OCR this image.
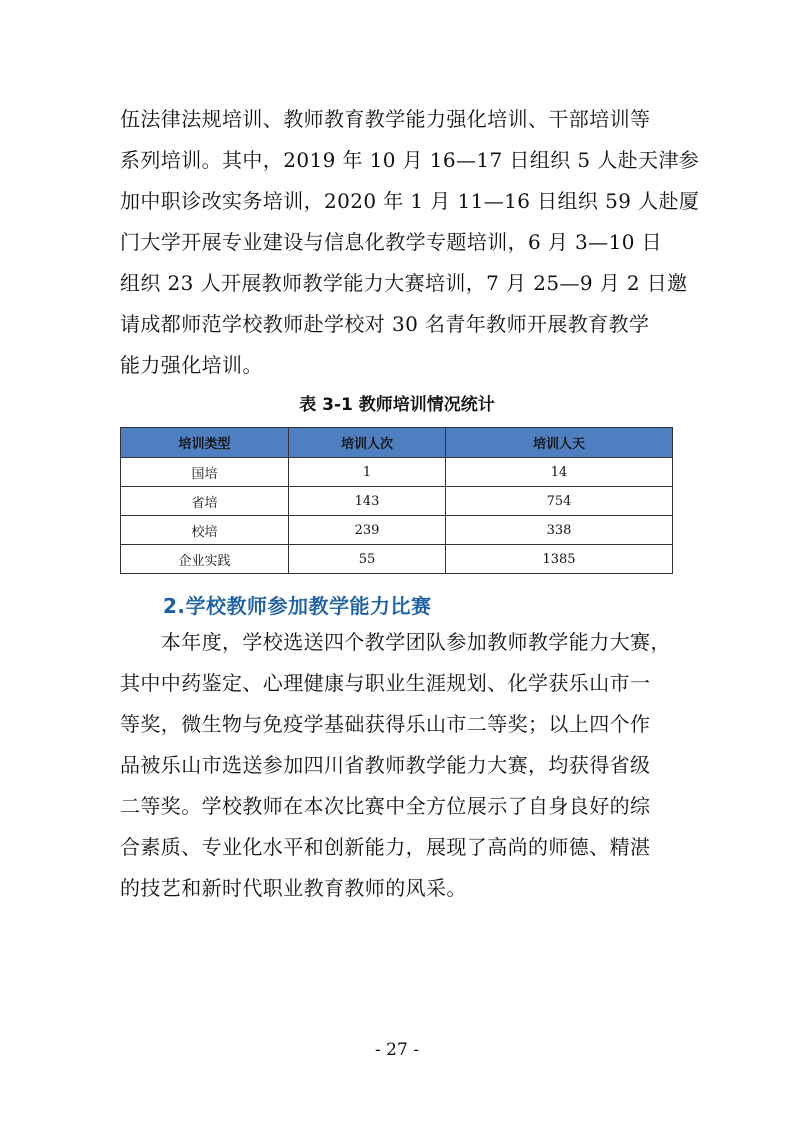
伍法律法规培训、教师教育教学能力强化培训、干部培训等
系列培训。其中，2019 年 10 月 16—17 日组织 5 人赴天津参
加中职诊改实务培训，2020 年 1 月 11—16 日组织 59 人赴厦
门大学开展专业建设与信息化教学专题培训，6 月 3—10 日
组织 23 人开展教师教学能力大赛培训，7 月 25—9 月 2 日邀
请成都师范学校教师赴学校对 30 名青年教师开展教育教学
能力强化培训。
表 3-1 教师培训情况统计
培训类型	培训人次	培训人天
国培	1	14
省培	143	754
校培	239	338
企业实践	55	1385
2.学校教师参加教学能力比赛
　　本年度，学校选送四个教学团队参加教师教学能力大赛，
其中中药鉴定、心理健康与职业生涯规划、化学获乐山市一
等奖，微生物与免疫学基础获得乐山市二等奖；以上四个作
品被乐山市选送参加四川省教师教学能力大赛，均获得省级
二等奖。学校教师在本次比赛中全方位展示了自身良好的综
合素质、专业化水平和创新能力，展现了高尚的师德、精湛
的技艺和新时代职业教育教师的风采。
- 27 -
